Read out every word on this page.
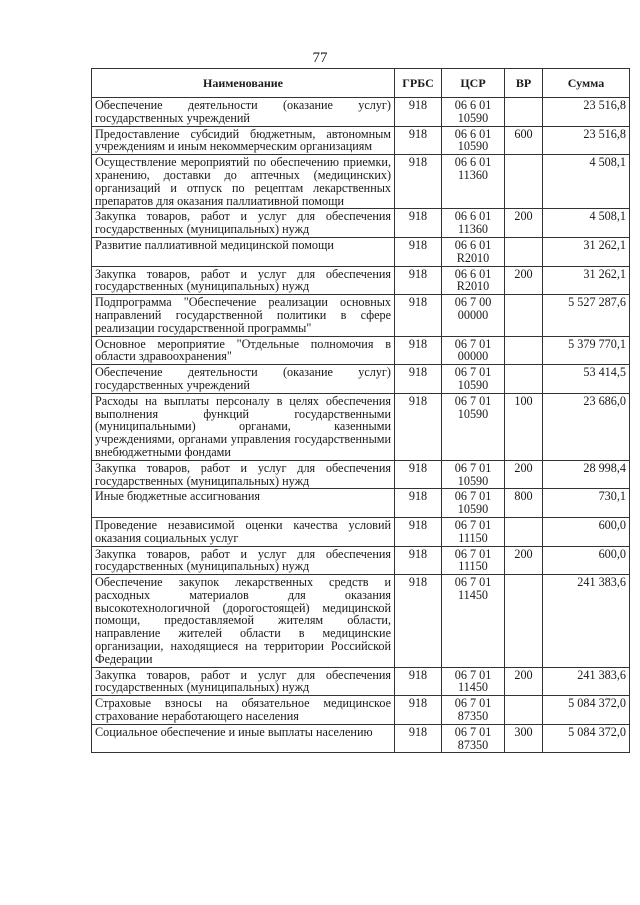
77
Наименование	ГРБС	ЦСР	ВР	Сумма
Обеспечение деятельности (оказание услуг) государственных учреждений	918	06 6 01 10590		23 516,8
Предоставление субсидий бюджетным, автономным учреждениям и иным некоммерческим организациям	918	06 6 01 10590	600	23 516,8
Осуществление мероприятий по обеспечению приемки, хранению, доставки до аптечных (медицинских) организаций и отпуск по рецептам лекарственных препаратов для оказания паллиативной помощи	918	06 6 01 11360		4 508,1
Закупка товаров, работ и услуг для обеспечения государственных (муниципальных) нужд	918	06 6 01 11360	200	4 508,1
Развитие паллиативной медицинской помощи	918	06 6 01 R2010		31 262,1
Закупка товаров, работ и услуг для обеспечения государственных (муниципальных) нужд	918	06 6 01 R2010	200	31 262,1
Подпрограмма "Обеспечение реализации основных направлений государственной политики в сфере реализации государственной программы"	918	06 7 00 00000		5 527 287,6
Основное мероприятие "Отдельные полномочия в области здравоохранения"	918	06 7 01 00000		5 379 770,1
Обеспечение деятельности (оказание услуг) государственных учреждений	918	06 7 01 10590		53 414,5
Расходы на выплаты персоналу в целях обеспечения выполнения функций государственными (муниципальными) органами, казенными учреждениями, органами управления государственными внебюджетными фондами	918	06 7 01 10590	100	23 686,0
Закупка товаров, работ и услуг для обеспечения государственных (муниципальных) нужд	918	06 7 01 10590	200	28 998,4
Иные бюджетные ассигнования	918	06 7 01 10590	800	730,1
Проведение независимой оценки качества условий оказания социальных услуг	918	06 7 01 11150		600,0
Закупка товаров, работ и услуг для обеспечения государственных (муниципальных) нужд	918	06 7 01 11150	200	600,0
Обеспечение закупок лекарственных средств и расходных материалов для оказания высокотехнологичной (дорогостоящей) медицинской помощи, предоставляемой жителям области, направление жителей области в медицинские организации, находящиеся на территории Российской Федерации	918	06 7 01 11450		241 383,6
Закупка товаров, работ и услуг для обеспечения государственных (муниципальных) нужд	918	06 7 01 11450	200	241 383,6
Страховые взносы на обязательное медицинское страхование неработающего населения	918	06 7 01 87350		5 084 372,0
Социальное обеспечение и иные выплаты населению	918	06 7 01 87350	300	5 084 372,0
